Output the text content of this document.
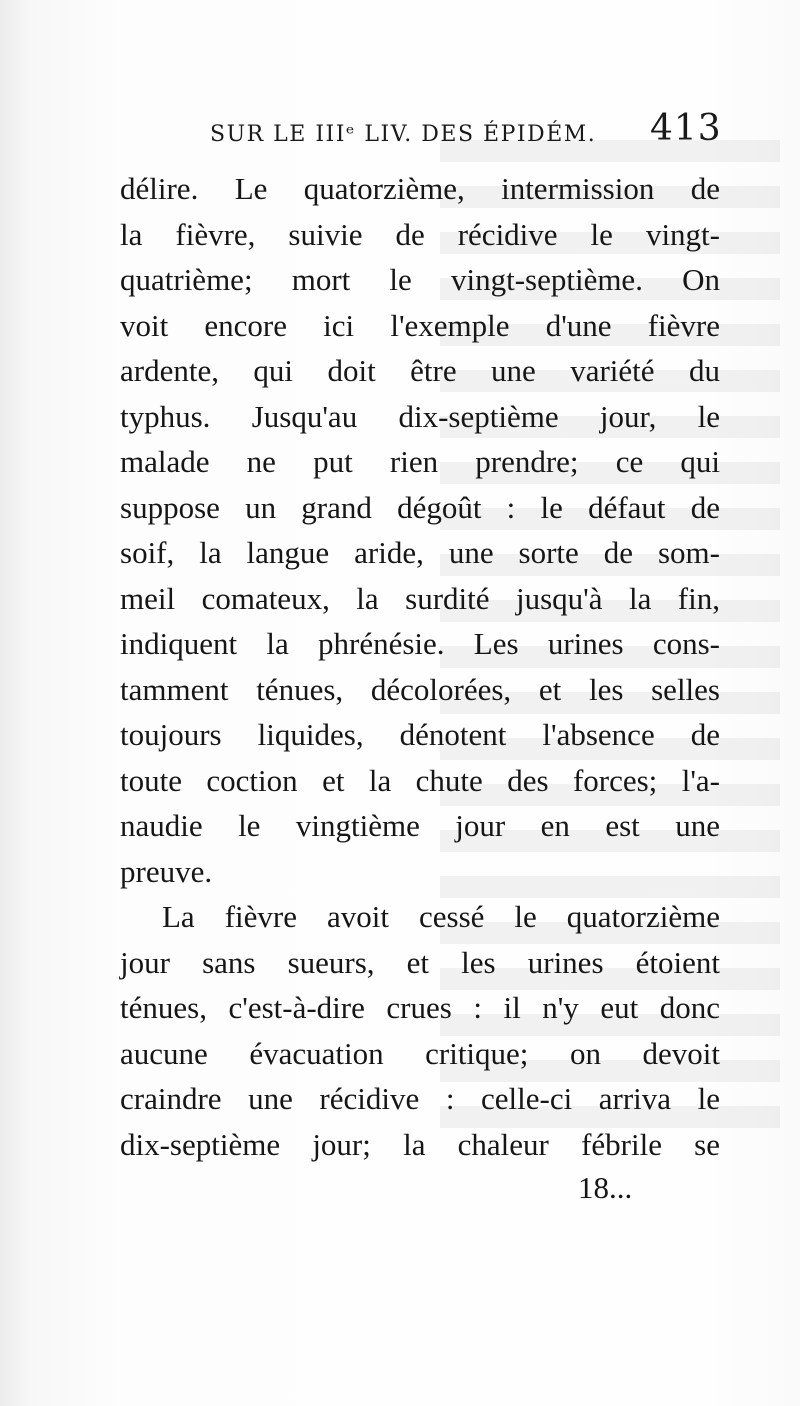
SUR LE IIIᵉ LIV. DES ÉPIDÉM. 413
délire. Le quatorzième, intermission de
la fièvre, suivie de récidive le vingt-
quatrième; mort le vingt-septième. On
voit encore ici l'exemple d'une fièvre
ardente, qui doit être une variété du
typhus. Jusqu'au dix-septième jour, le
malade ne put rien prendre; ce qui
suppose un grand dégoût : le défaut de
soif, la langue aride, une sorte de som-
meil comateux, la surdité jusqu'à la fin,
indiquent la phrénésie. Les urines cons-
tamment ténues, décolorées, et les selles
toujours liquides, dénotent l'absence de
toute coction et la chute des forces; l'a-
naudie le vingtième jour en est une
preuve.
La fièvre avoit cessé le quatorzième
jour sans sueurs, et les urines étoient
ténues, c'est-à-dire crues : il n'y eut donc
aucune évacuation critique; on devoit
craindre une récidive : celle-ci arriva le
dix-septième jour; la chaleur fébrile se
18...
